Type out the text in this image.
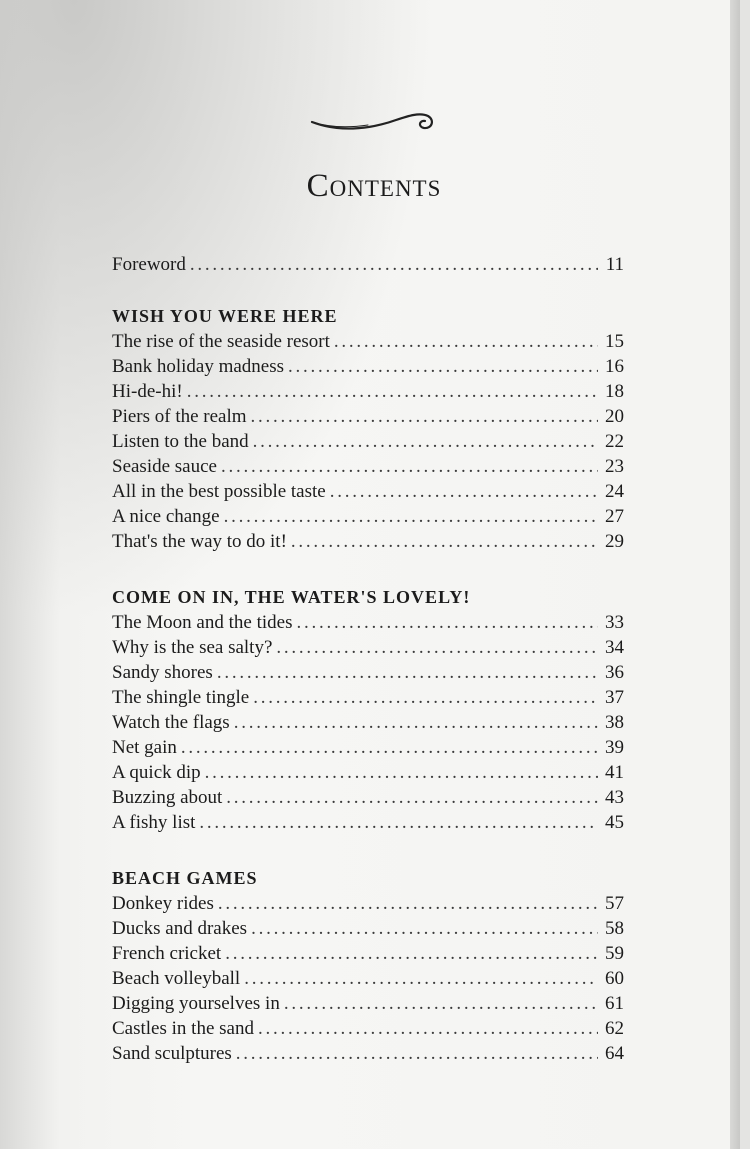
Contents
Foreword . . .	11
WISH YOU WERE HERE
The rise of the seaside resort . . .	15
Bank holiday madness . . .	16
Hi-de-hi! . . .	18
Piers of the realm . . .	20
Listen to the band . . .	22
Seaside sauce . . .	23
All in the best possible taste . . .	24
A nice change . . .	27
That's the way to do it! . . .	29
COME ON IN, THE WATER'S LOVELY!
The Moon and the tides . . .	33
Why is the sea salty? . . .	34
Sandy shores . . .	36
The shingle tingle . . .	37
Watch the flags . . .	38
Net gain . . .	39
A quick dip . . .	41
Buzzing about . . .	43
A fishy list . . .	45
BEACH GAMES
Donkey rides . . .	57
Ducks and drakes . . .	58
French cricket . . .	59
Beach volleyball . . .	60
Digging yourselves in . . .	61
Castles in the sand . . .	62
Sand sculptures . . .	64
